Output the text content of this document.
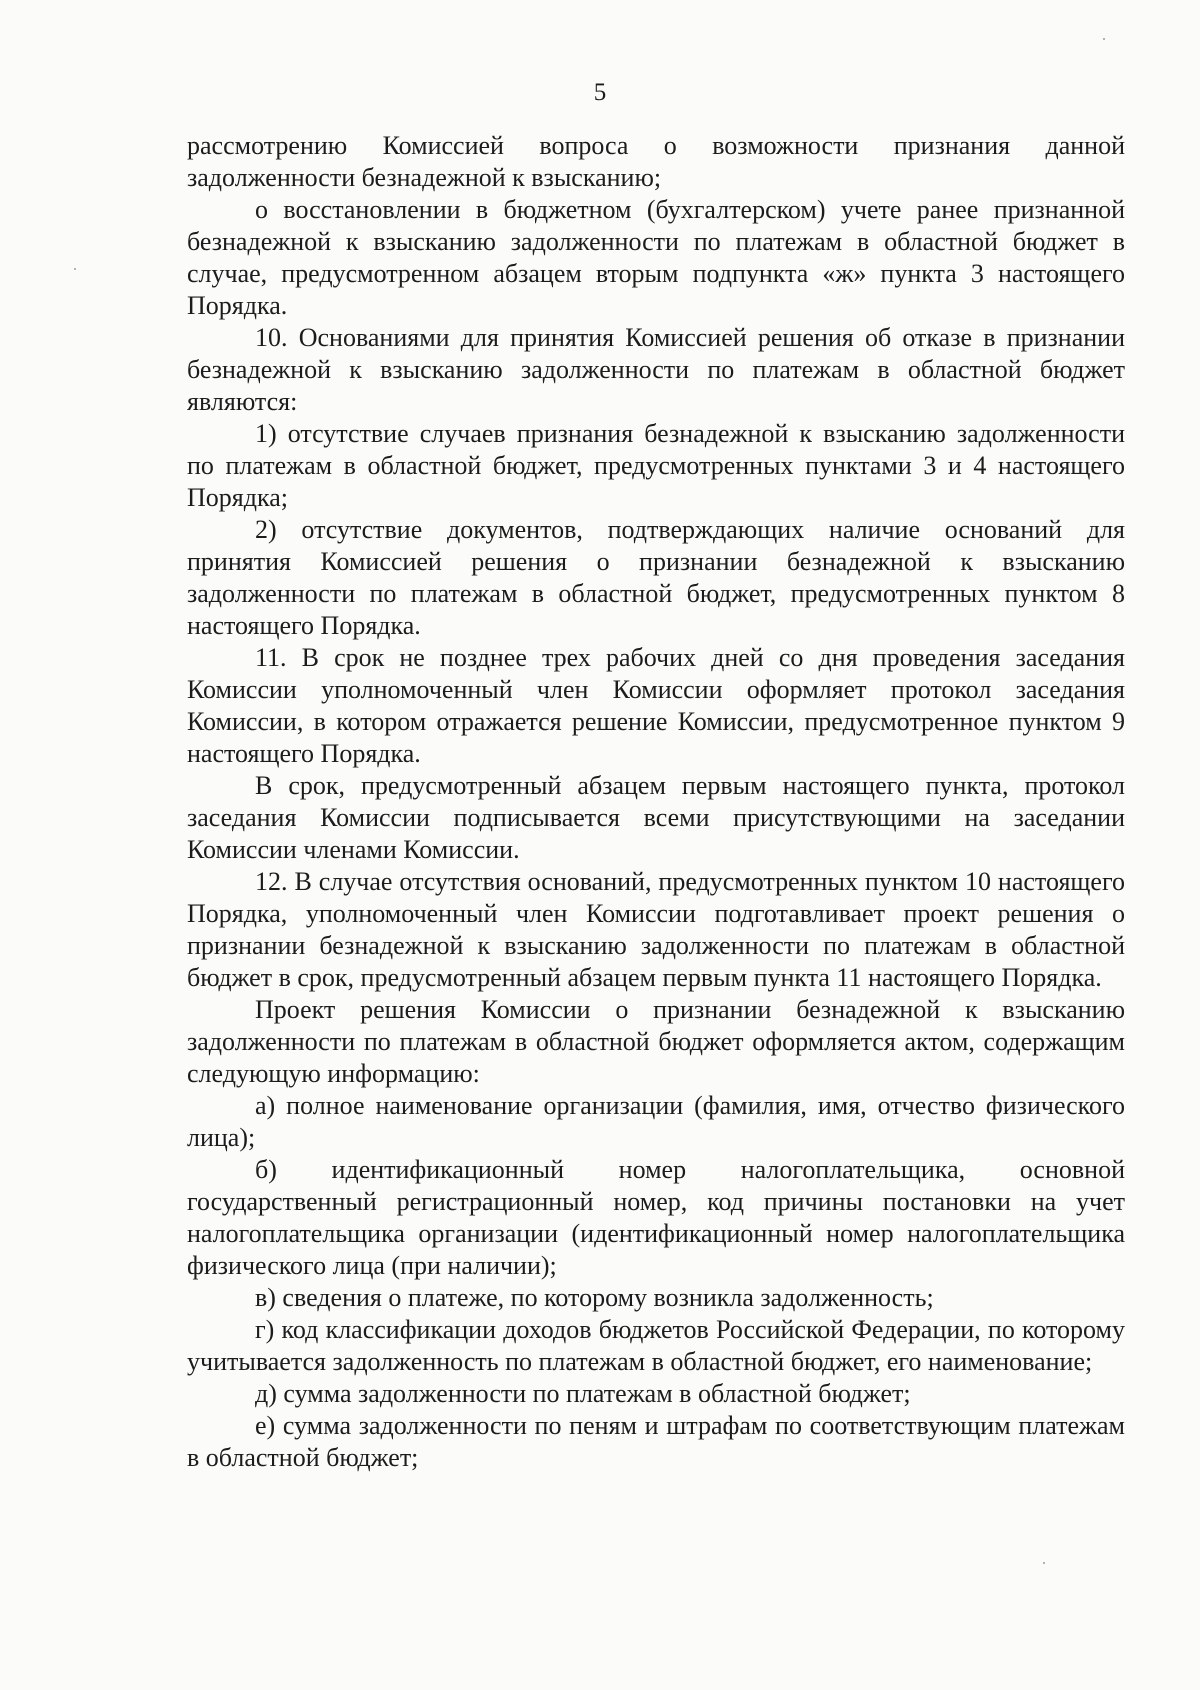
5

рассмотрению Комиссией вопроса о возможности признания данной задолженности безнадежной к взысканию;

о восстановлении в бюджетном (бухгалтерском) учете ранее признанной безнадежной к взысканию задолженности по платежам в областной бюджет в случае, предусмотренном абзацем вторым подпункта «ж» пункта 3 настоящего Порядка.

10. Основаниями для принятия Комиссией решения об отказе в признании безнадежной к взысканию задолженности по платежам в областной бюджет являются:

1) отсутствие случаев признания безнадежной к взысканию задолженности по платежам в областной бюджет, предусмотренных пунктами 3 и 4 настоящего Порядка;

2) отсутствие документов, подтверждающих наличие оснований для принятия Комиссией решения о признании безнадежной к взысканию задолженности по платежам в областной бюджет, предусмотренных пунктом 8 настоящего Порядка.

11. В срок не позднее трех рабочих дней со дня проведения заседания Комиссии уполномоченный член Комиссии оформляет протокол заседания Комиссии, в котором отражается решение Комиссии, предусмотренное пунктом 9 настоящего Порядка.

В срок, предусмотренный абзацем первым настоящего пункта, протокол заседания Комиссии подписывается всеми присутствующими на заседании Комиссии членами Комиссии.

12. В случае отсутствия оснований, предусмотренных пунктом 10 настоящего Порядка, уполномоченный член Комиссии подготавливает проект решения о признании безнадежной к взысканию задолженности по платежам в областной бюджет в срок, предусмотренный абзацем первым пункта 11 настоящего Порядка.

Проект решения Комиссии о признании безнадежной к взысканию задолженности по платежам в областной бюджет оформляется актом, содержащим следующую информацию:

а) полное наименование организации (фамилия, имя, отчество физического лица);

б) идентификационный номер налогоплательщика, основной государственный регистрационный номер, код причины постановки на учет налогоплательщика организации (идентификационный номер налогоплательщика физического лица (при наличии);

в) сведения о платеже, по которому возникла задолженность;

г) код классификации доходов бюджетов Российской Федерации, по которому учитывается задолженность по платежам в областной бюджет, его наименование;

д) сумма задолженности по платежам в областной бюджет;

е) сумма задолженности по пеням и штрафам по соответствующим платежам в областной бюджет;
